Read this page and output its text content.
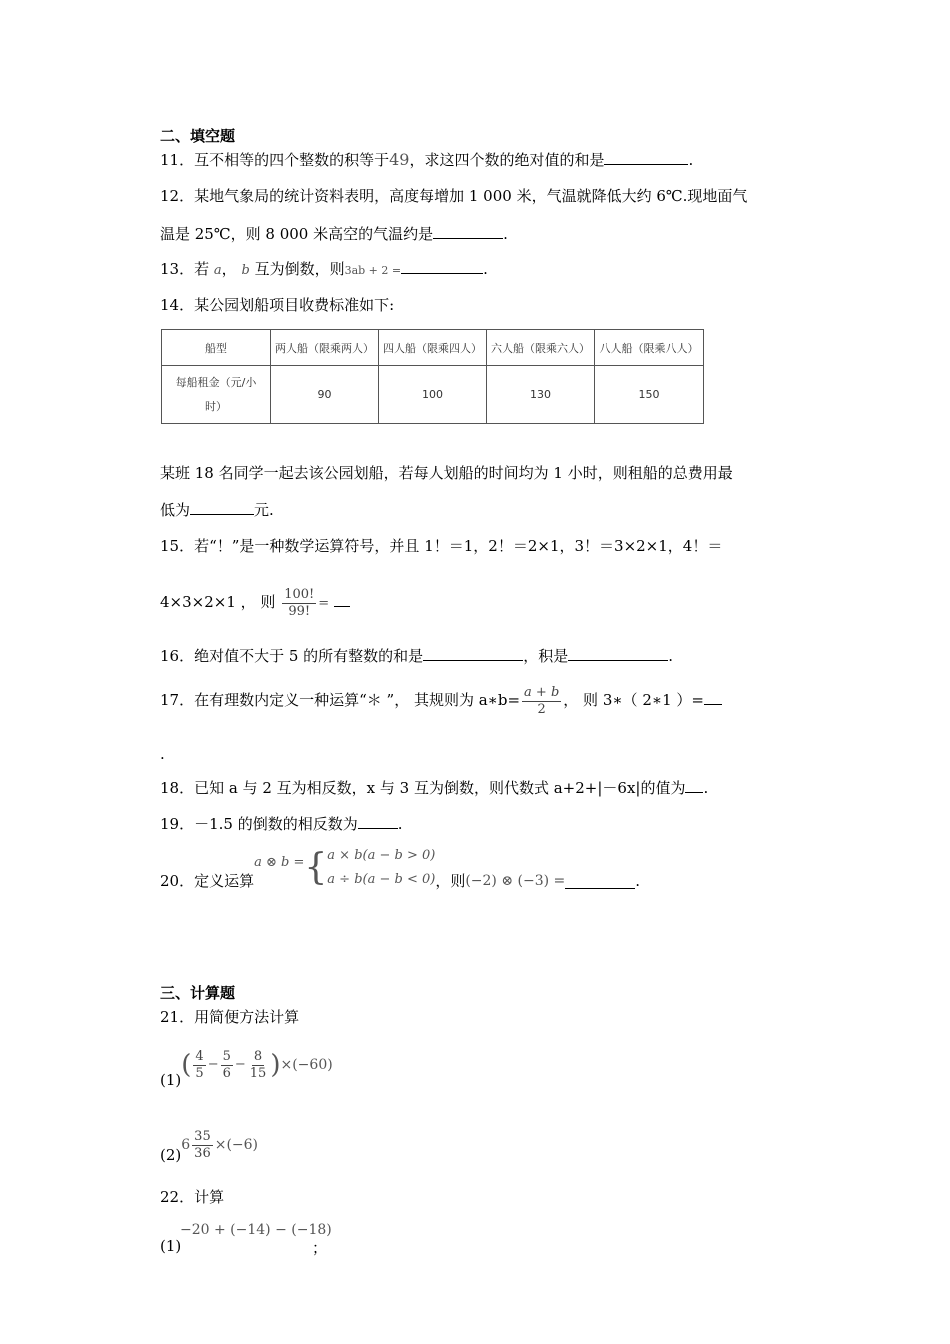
二、填空题
11．互不相等的四个整数的积等于49，求这四个数的绝对值的和是	.
12．某地气象局的统计资料表明，高度每增加 1 000 米，气温就降低大约 6℃.现地面气
温是 25℃，则 8 000 米高空的气温约是	.
13．若 a， b 互为倒数，则3ab + 2 =	.
14．某公园划船项目收费标准如下:
船型	两人船（限乘两人）	四人船（限乘四人）	六人船（限乘六人）	八人船（限乘八人）

每船租金（元/小
时）	90	100	130	150
某班 18 名同学一起去该公园划船，若每人划船的时间均为 1 小时，则租船的总费用最
低为	元.
15．若“！”是一种数学运算符号，并且 1！＝1，2！＝2×1，3！＝3×2×1，4！＝
4×3×2×1 ， 则 $\frac{100!}{99!}$ =
16．绝对值不大于 5 的所有整数的和是	，积是	.
17．在有理数内定义一种运算“＊ ”， 其规则为 a∗b= $\frac{a + b}{2}$ ， 则 3∗（ 2∗1 ）=
.
18．已知 a 与 2 互为相反数，x 与 3 互为倒数，则代数式 a+2+|－6x|的值为 .
19．－1.5 的倒数的相反数为	.
20． 定义运算
a ⊗ b = { a × b(a − b > 0)
a ÷ b(a − b < 0) ，则 (−2) ⊗ (−3) =	.
三、计算题
21．用简便方法计算
(1) ( $\frac{4}{5} - \frac{5}{6} - \frac{8}{15}$ ) ×(−60)
(2)
$6 \frac{35}{36} \times(-6)$
22．计算
(1)
−20 + (−14) − (−18)
；
